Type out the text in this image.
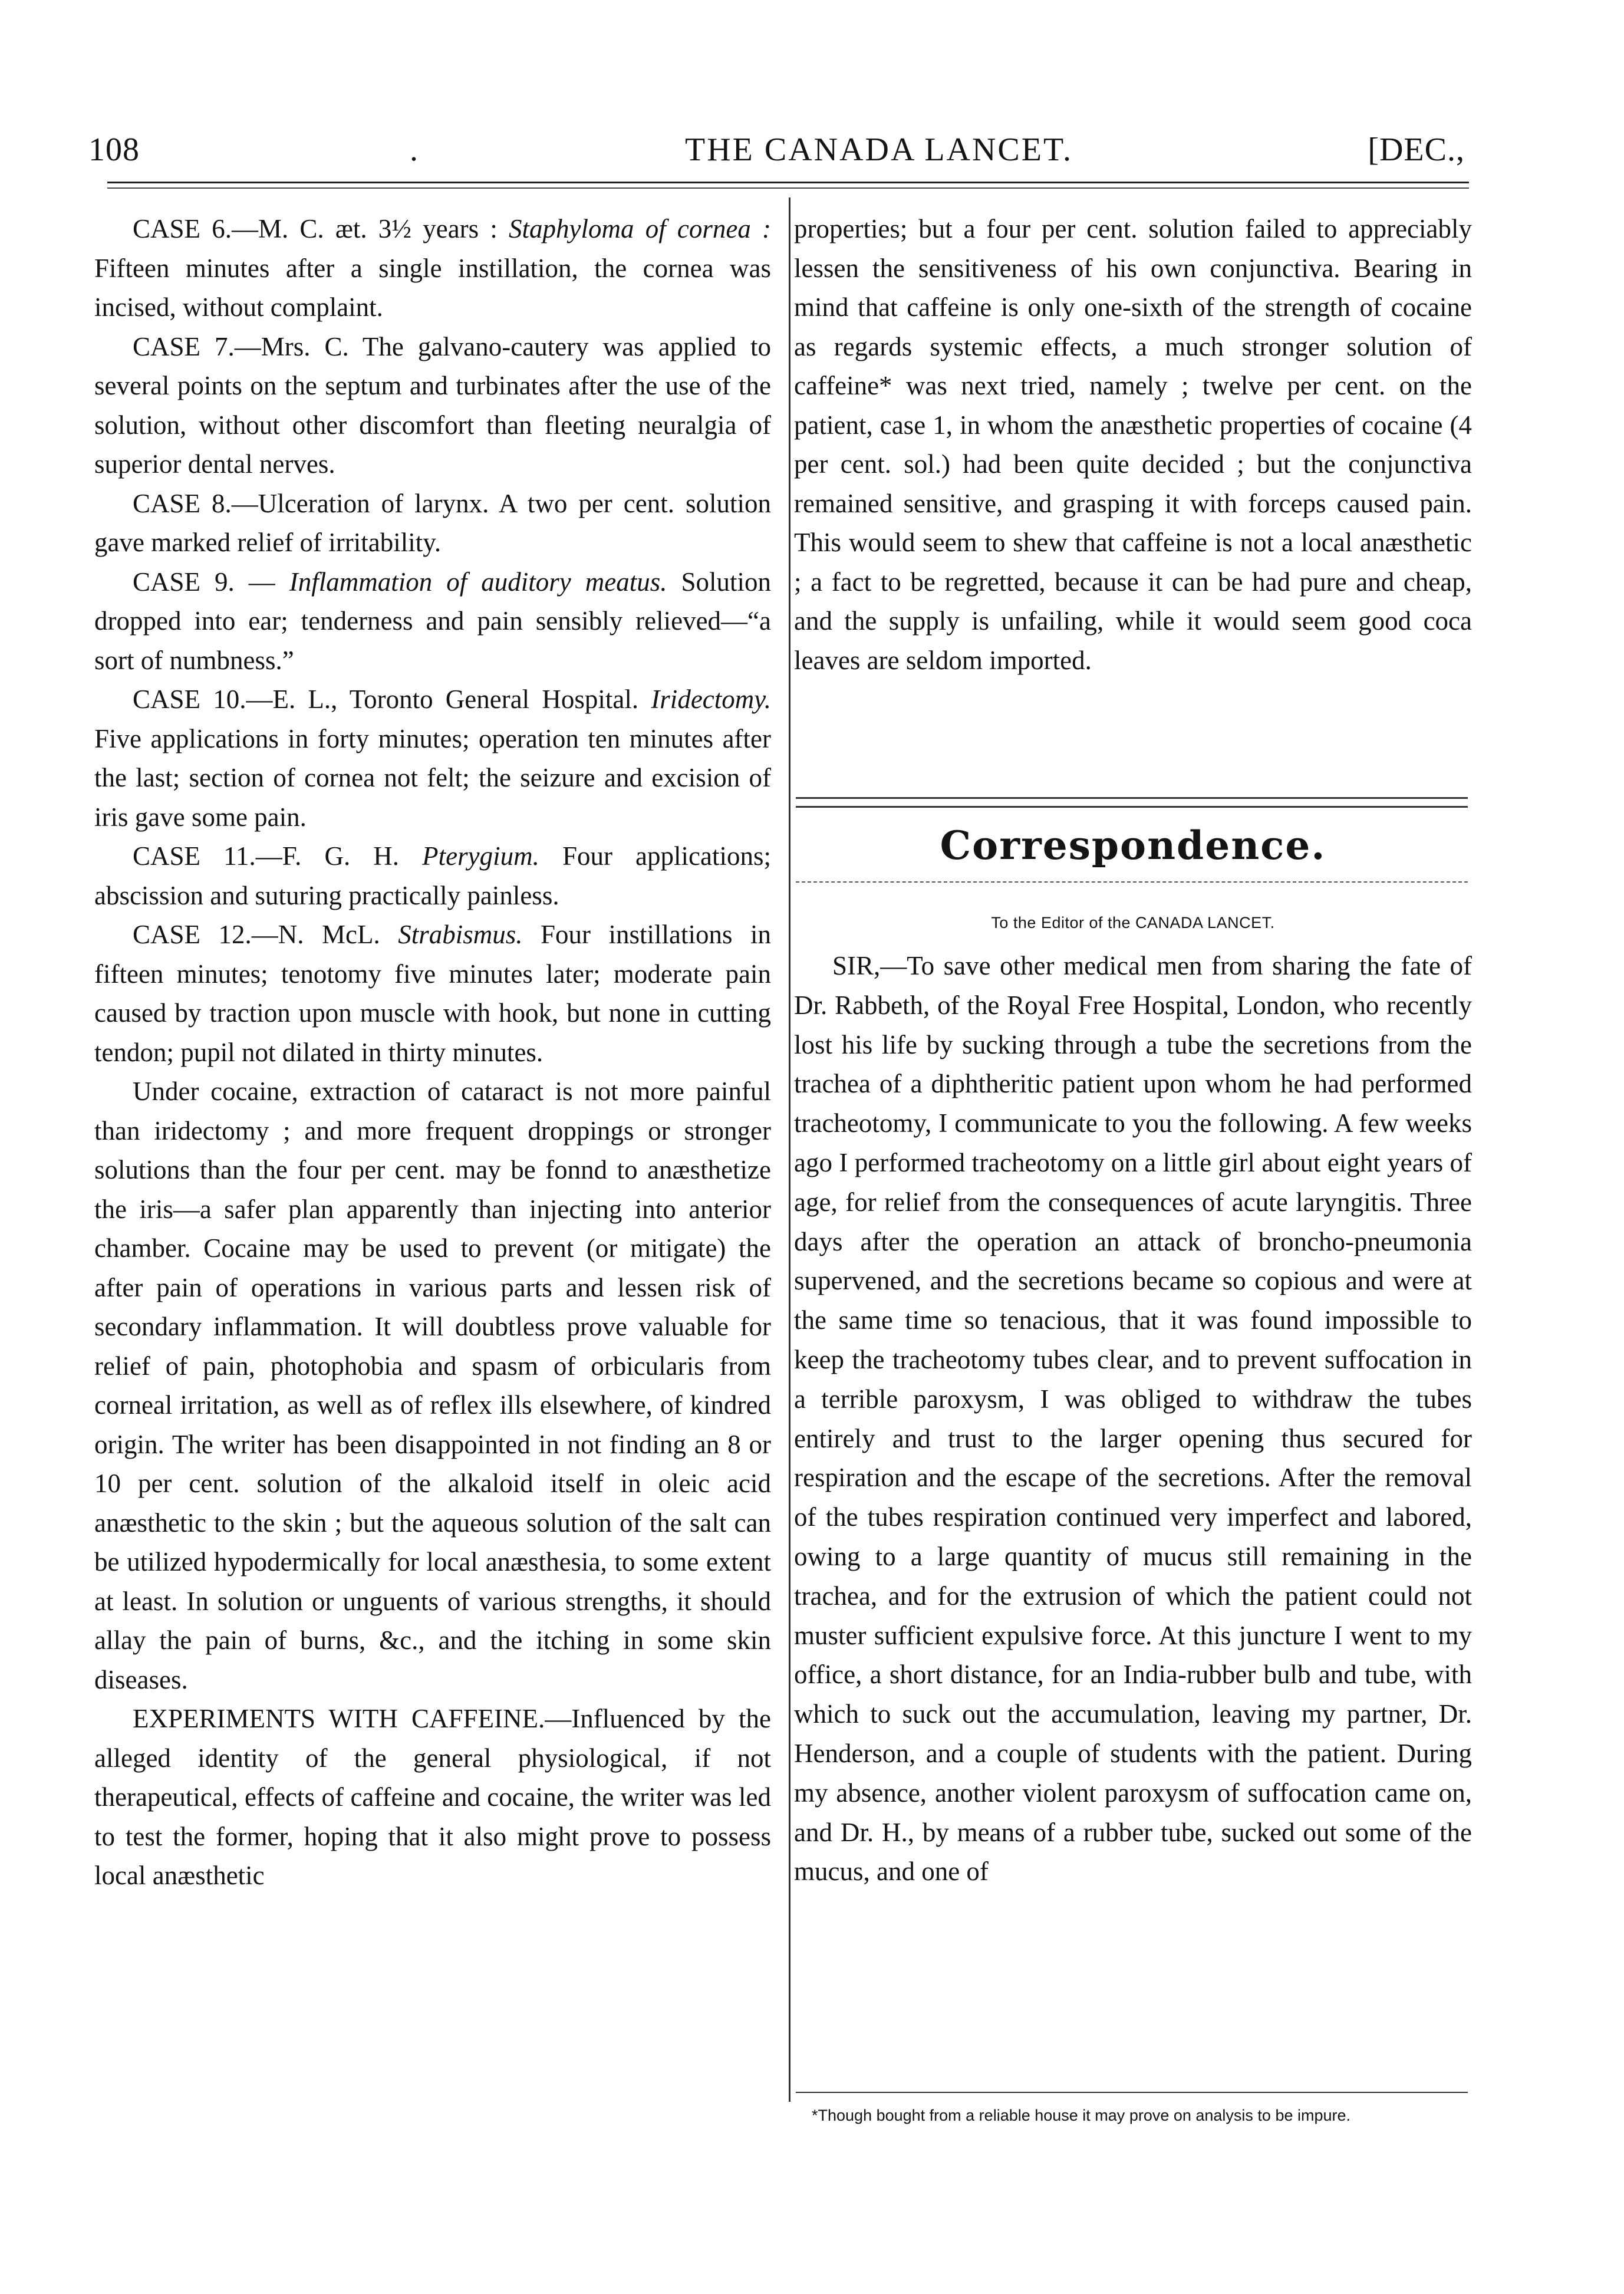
108	.	THE CANADA LANCET.	[DEC.,

CASE 6.—M. C. æt. 3½ years : Staphyloma of cornea : Fifteen minutes after a single instillation, the cornea was incised, without complaint.

CASE 7.—Mrs. C. The galvano-cautery was applied to several points on the septum and turbinates after the use of the solution, without other discomfort than fleeting neuralgia of superior dental nerves.

CASE 8.—Ulceration of larynx. A two per cent. solution gave marked relief of irritability.

CASE 9. — Inflammation of auditory meatus. Solution dropped into ear; tenderness and pain sensibly relieved—“a sort of numbness.”

CASE 10.—E. L., Toronto General Hospital. Iridectomy. Five applications in forty minutes; operation ten minutes after the last; section of cornea not felt; the seizure and excision of iris gave some pain.

CASE 11.—F. G. H. Pterygium. Four applications; abscission and suturing practically painless.

CASE 12.—N. McL. Strabismus. Four instillations in fifteen minutes; tenotomy five minutes later; moderate pain caused by traction upon muscle with hook, but none in cutting tendon; pupil not dilated in thirty minutes.

Under cocaine, extraction of cataract is not more painful than iridectomy ; and more frequent droppings or stronger solutions than the four per cent. may be fonnd to anæsthetize the iris—a safer plan apparently than injecting into anterior chamber. Cocaine may be used to prevent (or mitigate) the after pain of operations in various parts and lessen risk of secondary inflammation. It will doubtless prove valuable for relief of pain, photophobia and spasm of orbicularis from corneal irritation, as well as of reflex ills elsewhere, of kindred origin. The writer has been disappointed in not finding an 8 or 10 per cent. solution of the alkaloid itself in oleic acid anæsthetic to the skin ; but the aqueous solution of the salt can be utilized hypodermically for local anæsthesia, to some extent at least. In solution or unguents of various strengths, it should allay the pain of burns, &c., and the itching in some skin diseases.

EXPERIMENTS WITH CAFFEINE.—Influenced by the alleged identity of the general physiological, if not therapeutical, effects of caffeine and cocaine, the writer was led to test the former, hoping that it also might prove to possess local anæsthetic

properties; but a four per cent. solution failed to appreciably lessen the sensitiveness of his own conjunctiva. Bearing in mind that caffeine is only one-sixth of the strength of cocaine as regards systemic effects, a much stronger solution of caffeine* was next tried, namely ; twelve per cent. on the patient, case 1, in whom the anæsthetic properties of cocaine (4 per cent. sol.) had been quite decided ; but the conjunctiva remained sensitive, and grasping it with forceps caused pain. This would seem to shew that caffeine is not a local anæsthetic ; a fact to be regretted, because it can be had pure and cheap, and the supply is unfailing, while it would seem good coca leaves are seldom imported.

Correspondence.
To the Editor of the CANADA LANCET.

SIR,—To save other medical men from sharing the fate of Dr. Rabbeth, of the Royal Free Hospital, London, who recently lost his life by sucking through a tube the secretions from the trachea of a diphtheritic patient upon whom he had performed tracheotomy, I communicate to you the following. A few weeks ago I performed tracheotomy on a little girl about eight years of age, for relief from the consequences of acute laryngitis. Three days after the operation an attack of broncho-pneumonia supervened, and the secretions became so copious and were at the same time so tenacious, that it was found impossible to keep the tracheotomy tubes clear, and to prevent suffocation in a terrible paroxysm, I was obliged to withdraw the tubes entirely and trust to the larger opening thus secured for respiration and the escape of the secretions. After the removal of the tubes respiration continued very imperfect and labored, owing to a large quantity of mucus still remaining in the trachea, and for the extrusion of which the patient could not muster sufficient expulsive force. At this juncture I went to my office, a short distance, for an India-rubber bulb and tube, with which to suck out the accumulation, leaving my partner, Dr. Henderson, and a couple of students with the patient. During my absence, another violent paroxysm of suffocation came on, and Dr. H., by means of a rubber tube, sucked out some of the mucus, and one of

*Though bought from a reliable house it may prove on analysis to be impure.
